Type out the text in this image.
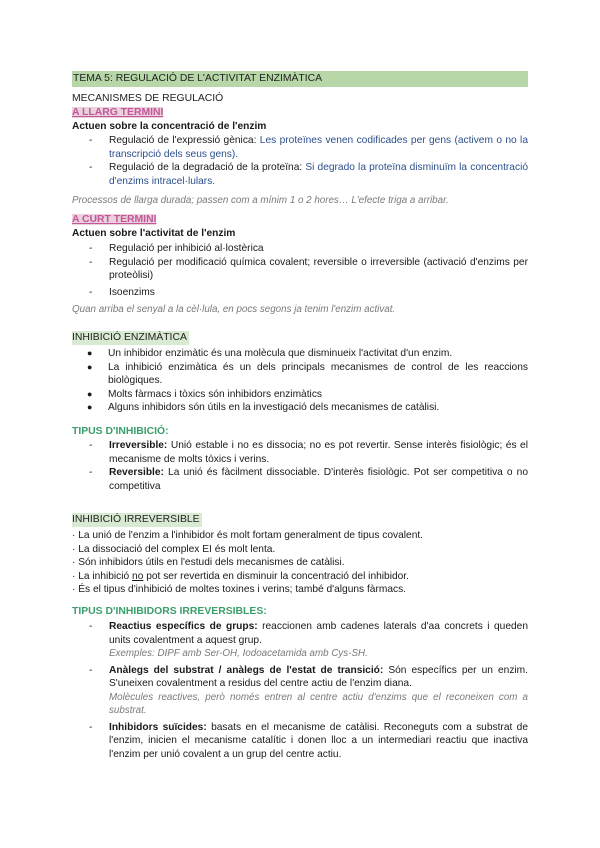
TEMA 5: REGULACIÓ DE L'ACTIVITAT ENZIMÀTICA
MECANISMES DE REGULACIÓ
A LLARG TERMINI
Actuen sobre la concentració de l'enzim
- Regulació de l'expressió gènica: Les proteïnes venen codificades per gens (activem o no la transcripció dels seus gens).
- Regulació de la degradació de la proteïna: Si degrado la proteïna disminuïm la concentració d'enzims intracel·lulars.
Processos de llarga durada; passen com a mínim 1 o 2 hores… L'efecte triga a arribar.
A CURT TERMINI
Actuen sobre l'activitat de l'enzim
- Regulació per inhibició al·lostèrica
- Regulació per modificació química covalent; reversible o irreversible (activació d'enzims per proteòlisi)
- Isoenzims
Quan arriba el senyal a la cèl·lula, en pocs segons ja tenim l'enzim activat.
INHIBICIÓ ENZIMÀTICA
● Un inhibidor enzimàtic és una molècula que disminueix l'activitat d'un enzim.
● La inhibició enzimàtica és un dels principals mecanismes de control de les reaccions biològiques.
● Molts fàrmacs i tòxics són inhibidors enzimàtics
● Alguns inhibidors són útils en la investigació dels mecanismes de catàlisi.
TIPUS D'INHIBICIÓ:
- Irreversible: Unió estable i no es dissocia; no es pot revertir. Sense interès fisiològic; és el mecanisme de molts tòxics i verins.
- Reversible: La unió és fàcilment dissociable. D'interès fisiològic. Pot ser competitiva o no competitiva
INHIBICIÓ IRREVERSIBLE
· La unió de l'enzim a l'inhibidor és molt fortam generalment de tipus covalent.
· La dissociació del complex EI és molt lenta.
· Són inhibidors útils en l'estudi dels mecanismes de catàlisi.
· La inhibició no pot ser revertida en disminuir la concentració del inhibidor.
· És el tipus d'inhibició de moltes toxines i verins; també d'alguns fàrmacs.
TIPUS D'INHIBIDORS IRREVERSIBLES:
- Reactius específics de grups: reaccionen amb cadenes laterals d'aa concrets i queden units covalentment a aquest grup.
Exemples: DIPF amb Ser-OH, Iodoacetamida amb Cys-SH.
- Anàlegs del substrat / anàlegs de l'estat de transició: Són específics per un enzim. S'uneixen covalentment a residus del centre actiu de l'enzim diana.
Molècules reactives, però només entren al centre actiu d'enzims que el reconeixen com a substrat.
- Inhibidors suïcides: basats en el mecanisme de catàlisi. Reconeguts com a substrat de l'enzim, inicien el mecanisme catalític i donen lloc a un intermediari reactiu que inactiva l'enzim per unió covalent a un grup del centre actiu.
